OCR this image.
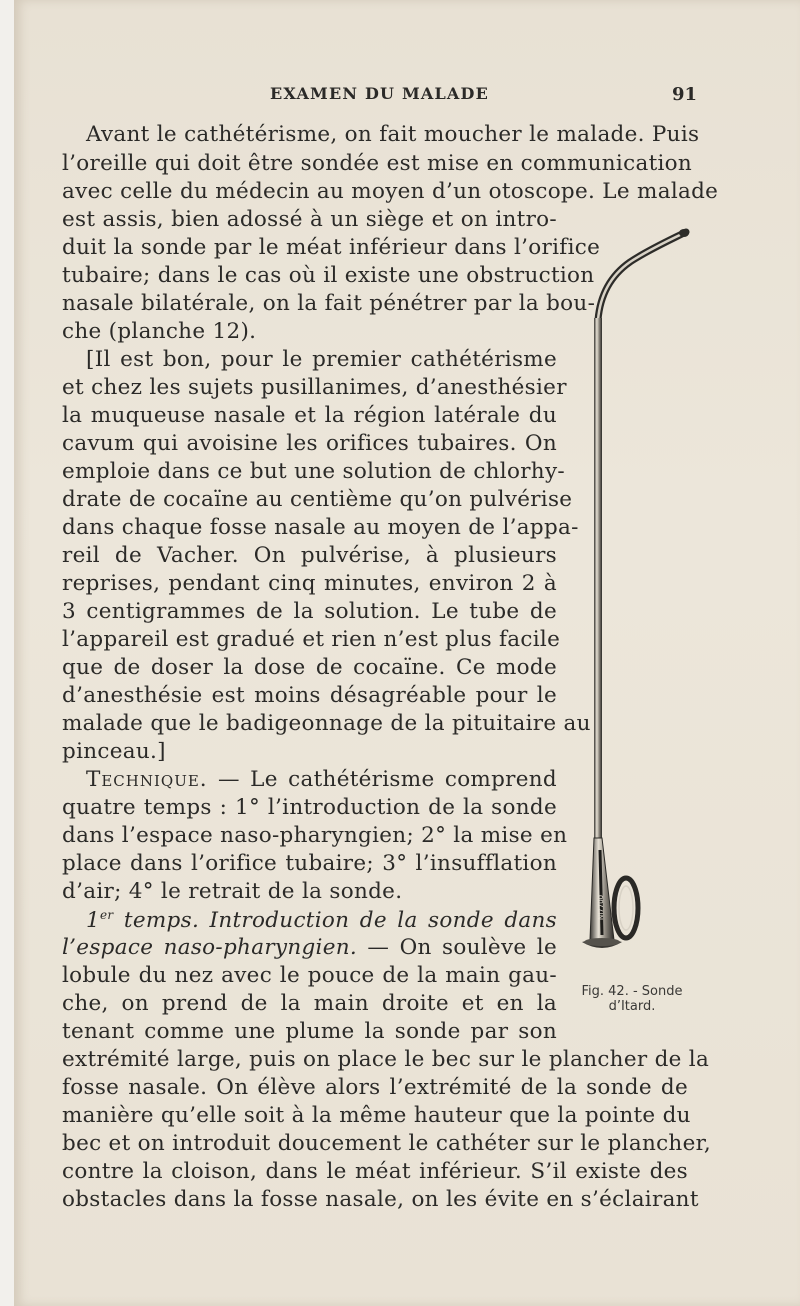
EXAMEN DU MALADE	91
Avant le cathétérisme, on fait moucher le malade. Puis
l’oreille qui doit être sondée est mise en communication
avec celle du médecin au moyen d’un otoscope. Le malade
est assis, bien adossé à un siège et on intro-
duit la sonde par le méat inférieur dans l’orifice
tubaire; dans le cas où il existe une obstruction
nasale bilatérale, on la fait pénétrer par la bou-
che (planche 12).
[Il est bon, pour le premier cathétérisme
et chez les sujets pusillanimes, d’anesthésier
la muqueuse nasale et la région latérale du
cavum qui avoisine les orifices tubaires. On
emploie dans ce but une solution de chlorhy-
drate de cocaïne au centième qu’on pulvérise
dans chaque fosse nasale au moyen de l’appa-
reil de Vacher. On pulvérise, à plusieurs
reprises, pendant cinq minutes, environ 2 à
3 centigrammes de la solution. Le tube de
l’appareil est gradué et rien n’est plus facile
que de doser la dose de cocaïne. Ce mode
d’anesthésie est moins désagréable pour le
malade que le badigeonnage de la pituitaire au
pinceau.]
Technique. — Le cathétérisme comprend
quatre temps : 1° l’introduction de la sonde
dans l’espace naso-pharyngien; 2° la mise en
place dans l’orifice tubaire; 3° l’insufflation
d’air; 4° le retrait de la sonde.
1er temps. Introduction de la sonde dans
l’espace naso-pharyngien. — On soulève le
lobule du nez avec le pouce de la main gau-
che, on prend de la main droite et en la
tenant comme une plume la sonde par son
extrémité large, puis on place le bec sur le plancher de la
fosse nasale. On élève alors l’extrémité de la sonde de
manière qu’elle soit à la même hauteur que la pointe du
bec et on introduit doucement le cathéter sur le plancher,
contre la cloison, dans le méat inférieur. S’il existe des
obstacles dans la fosse nasale, on les évite en s’éclairant
NI7700
Fig. 42. - Sonde
d’Itard.
